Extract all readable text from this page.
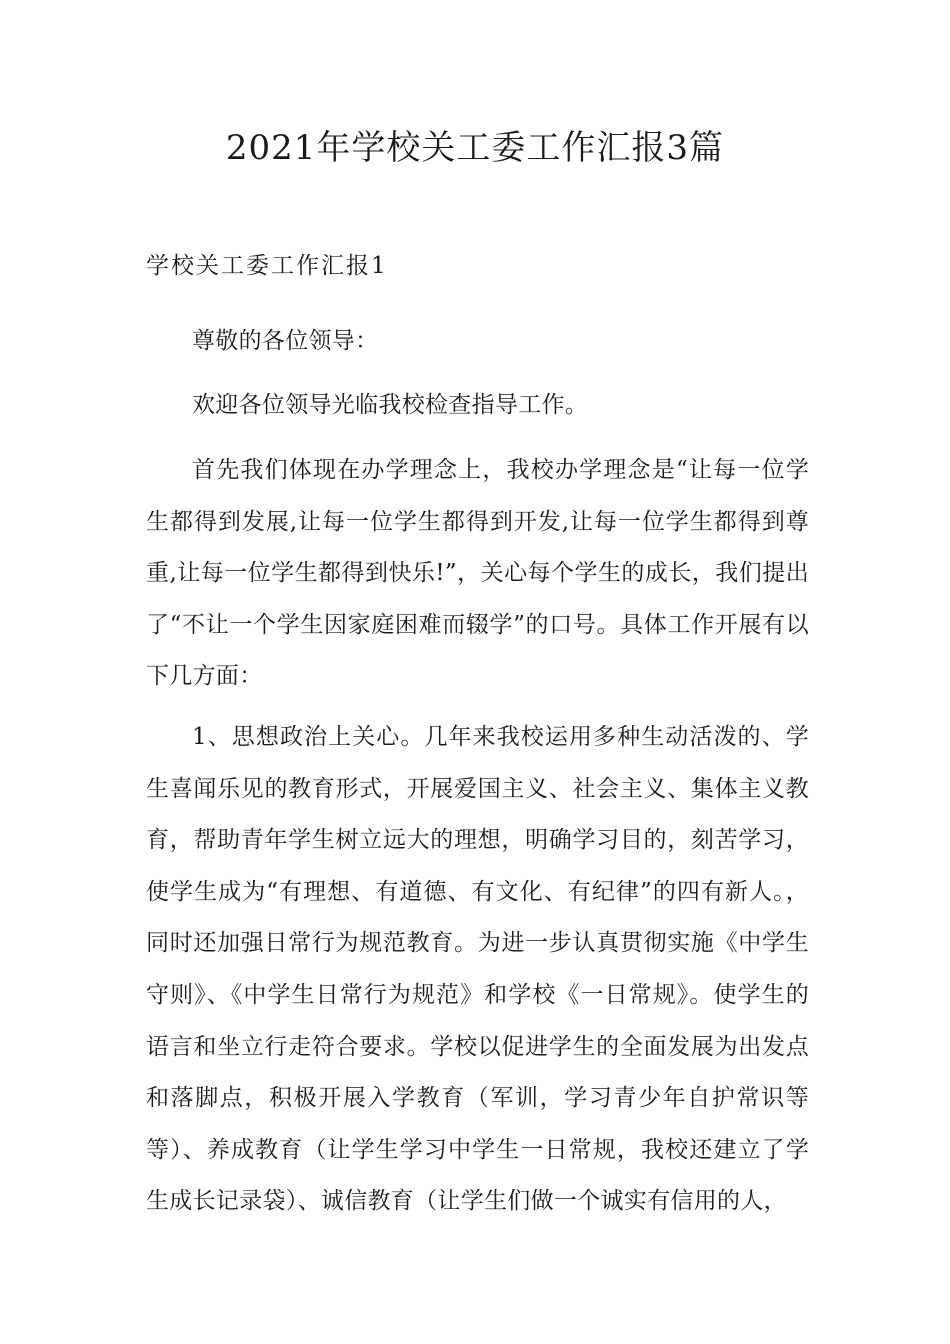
2021年学校关工委工作汇报3篇
学校关工委工作汇报1

尊敬的各位领导：

欢迎各位领导光临我校检查指导工作。

首先我们体现在办学理念上，我校办学理念是“让每一位学生都得到发展,让每一位学生都得到开发,让每一位学生都得到尊重,让每一位学生都得到快乐!”，关心每个学生的成长，我们提出了“不让一个学生因家庭困难而辍学”的口号。具体工作开展有以下几方面：

1、思想政治上关心。几年来我校运用多种生动活泼的、学生喜闻乐见的教育形式，开展爱国主义、社会主义、集体主义教育，帮助青年学生树立远大的理想，明确学习目的，刻苦学习，使学生成为“有理想、有道德、有文化、有纪律”的四有新人。，同时还加强日常行为规范教育。为进一步认真贯彻实施《中学生守则》、《中学生日常行为规范》和学校《一日常规》。使学生的语言和坐立行走符合要求。学校以促进学生的全面发展为出发点和落脚点，积极开展入学教育（军训，学习青少年自护常识等等）、养成教育（让学生学习中学生一日常规，我校还建立了学生成长记录袋）、诚信教育（让学生们做一个诚实有信用的人，
